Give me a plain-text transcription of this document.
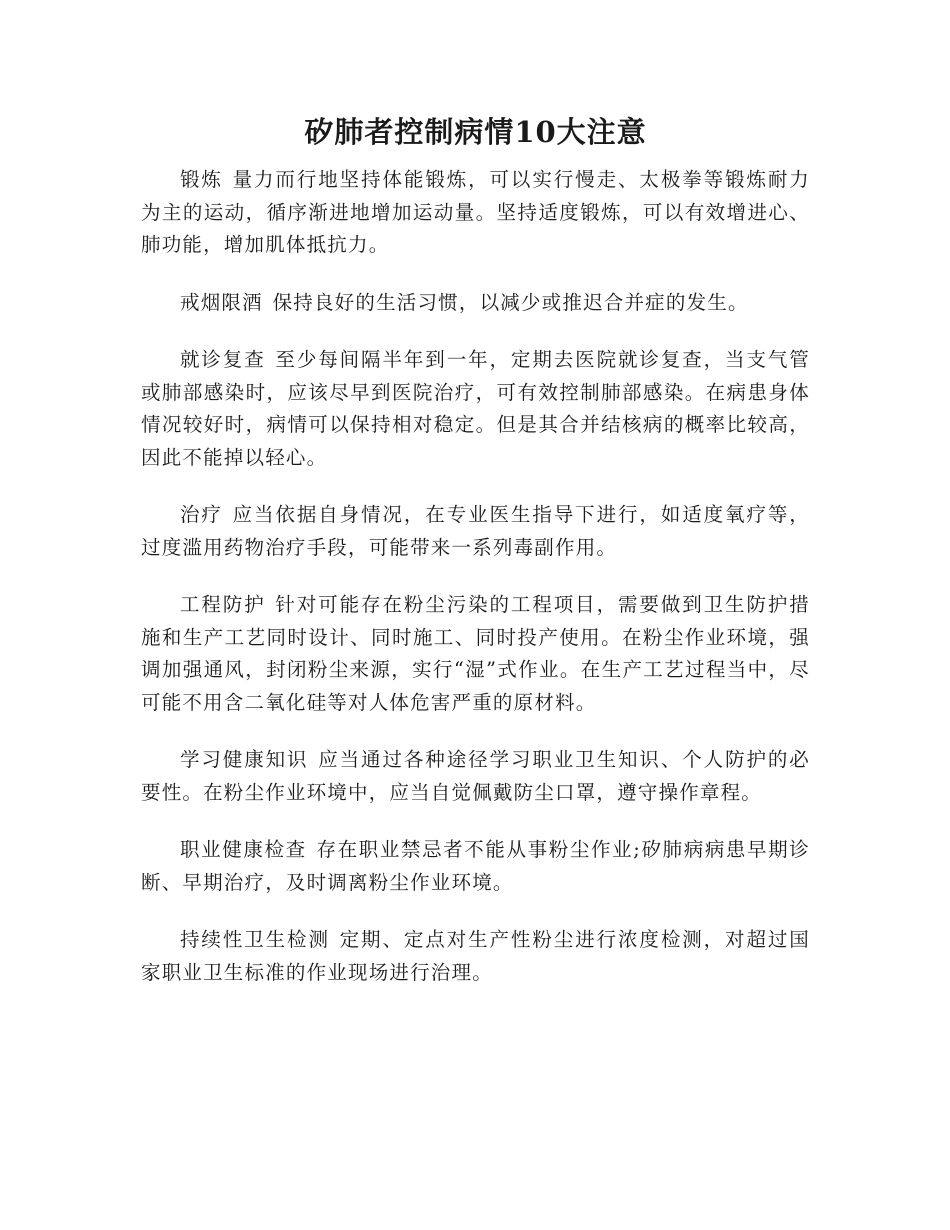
矽肺者控制病情10大注意

锻炼 量力而行地坚持体能锻炼，可以实行慢走、太极拳等锻炼耐力为主的运动，循序渐进地增加运动量。坚持适度锻炼，可以有效增进心、肺功能，增加肌体抵抗力。

戒烟限酒 保持良好的生活习惯，以减少或推迟合并症的发生。

就诊复查 至少每间隔半年到一年，定期去医院就诊复查，当支气管或肺部感染时，应该尽早到医院治疗，可有效控制肺部感染。在病患身体情况较好时，病情可以保持相对稳定。但是其合并结核病的概率比较高，因此不能掉以轻心。

治疗 应当依据自身情况，在专业医生指导下进行，如适度氧疗等，过度滥用药物治疗手段，可能带来一系列毒副作用。

工程防护 针对可能存在粉尘污染的工程项目，需要做到卫生防护措施和生产工艺同时设计、同时施工、同时投产使用。在粉尘作业环境，强调加强通风，封闭粉尘来源，实行“湿”式作业。在生产工艺过程当中，尽可能不用含二氧化硅等对人体危害严重的原材料。

学习健康知识 应当通过各种途径学习职业卫生知识、个人防护的必要性。在粉尘作业环境中，应当自觉佩戴防尘口罩，遵守操作章程。

职业健康检查 存在职业禁忌者不能从事粉尘作业;矽肺病病患早期诊断、早期治疗，及时调离粉尘作业环境。

持续性卫生检测 定期、定点对生产性粉尘进行浓度检测，对超过国家职业卫生标准的作业现场进行治理。
